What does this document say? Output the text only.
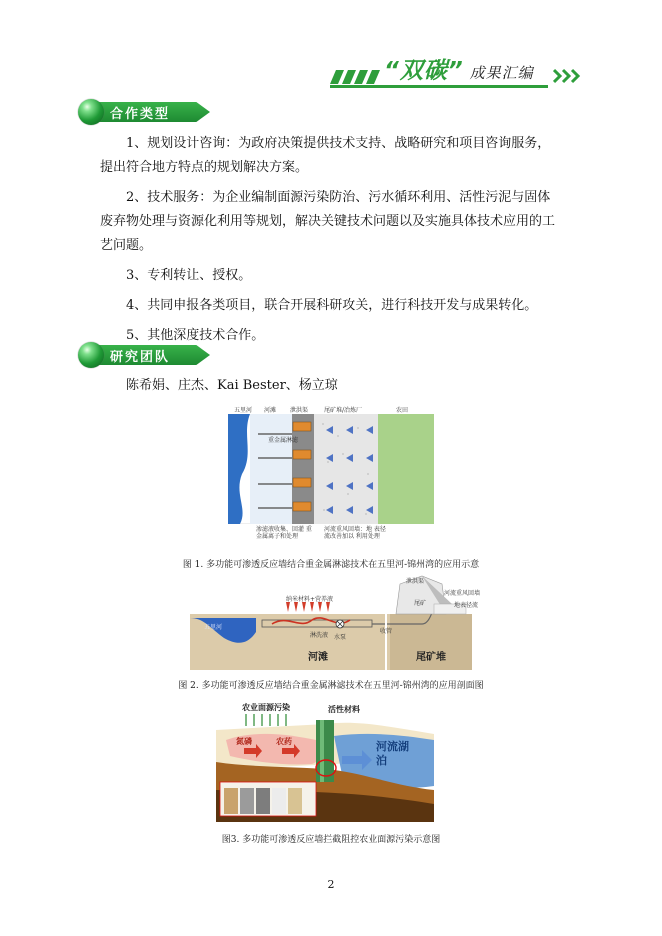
“双碳” 成果汇编
合作类型
1、规划设计咨询：为政府决策提供技术支持、战略研究和项目咨询服务，提出符合地方特点的规划解决方案。
2、技术服务：为企业编制面源污染防治、污水循环利用、活性污泥与固体废弃物处理与资源化利用等规划，解决关键技术问题以及实施具体技术应用的工艺问题。
3、专利转让、授权。
4、共同申报各类项目，联合开展科研攻关，进行科技开发与成果转化。
5、其他深度技术合作。
研究团队
陈希娟、庄杰、Kai Bester、杨立琼
五里河 河滩 泄洪渠	尾矿堆/冶炼厂	农田
重金属淋滤
渗滤液收集、回灌 重金属离子和处理
河流重风回墙：地 表径流改善加以 利用处理
图 1. 多功能可渗透反应墙结合重金属淋滤技术在五里河-锦州湾的应用示意
泄洪渠
河流重风回墙
尾矿	地表径流
纳米材料+营养液
五里河
淋洗液 水泵
收管
河滩	尾矿堆
图 2. 多功能可渗透反应墙结合重金属淋滤技术在五里河-锦州湾的应用剖面图
农业面源污染	活性材料
氮磷	农药	河流湖泊
图3. 多功能可渗透反应墙拦截阻控农业面源污染示意图
2
